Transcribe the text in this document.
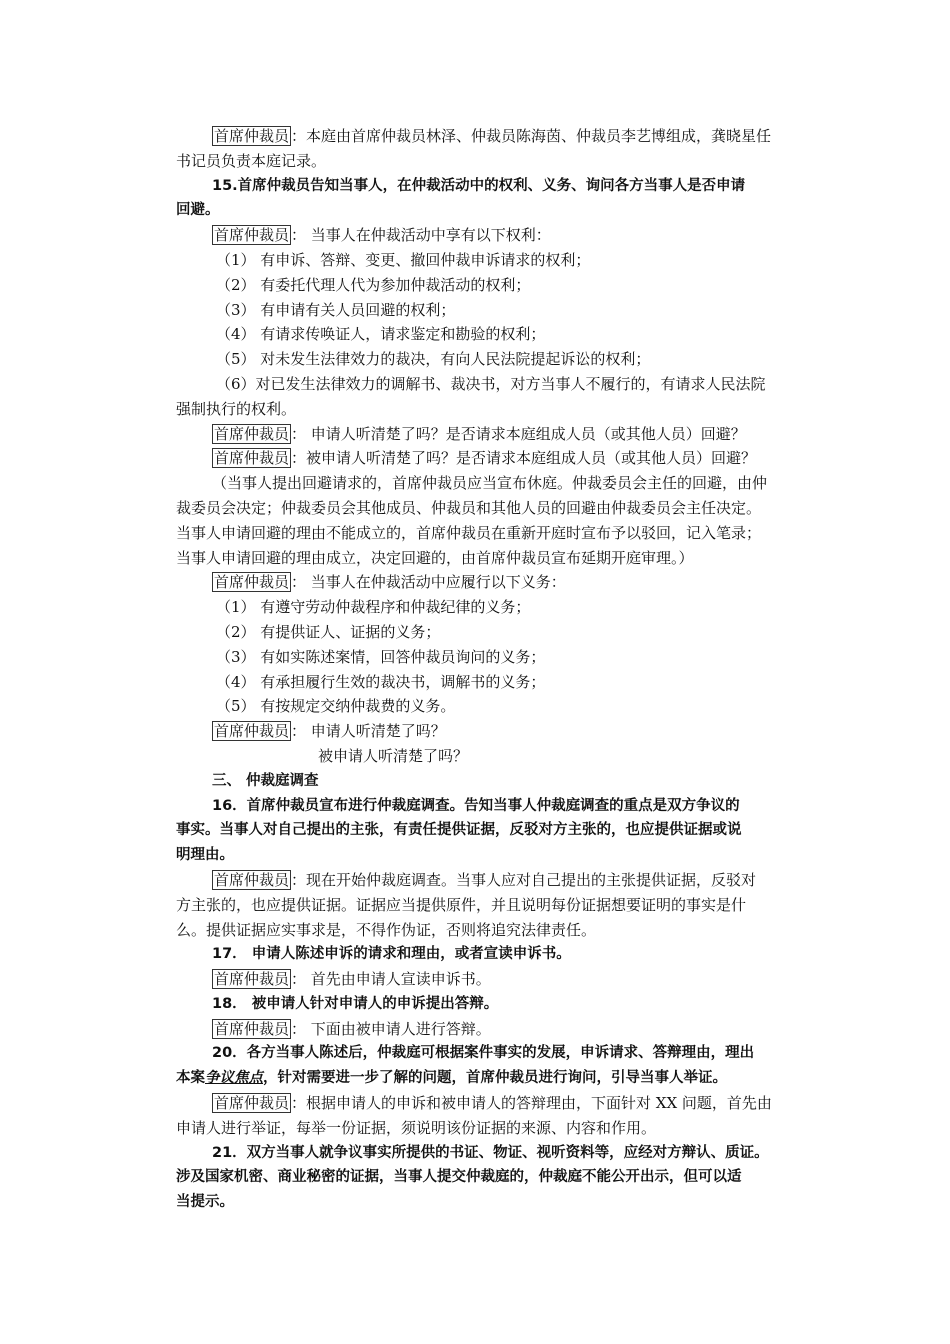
首席仲裁员 ：本庭由首席仲裁员林泽、仲裁员陈海茵、仲裁员李艺博组成，龚晓星任
书记员负责本庭记录。
15.首席仲裁员告知当事人，在仲裁活动中的权利、义务、询问各方当事人是否申请
回避。
首席仲裁员 ： 当事人在仲裁活动中享有以下权利：
（1） 有申诉、答辩、变更、撤回仲裁申诉请求的权利；
（2） 有委托代理人代为参加仲裁活动的权利；
（3） 有申请有关人员回避的权利；
（4） 有请求传唤证人，请求鉴定和勘验的权利；
（5） 对未发生法律效力的裁决，有向人民法院提起诉讼的权利；
（6）对已发生法律效力的调解书、裁决书，对方当事人不履行的，有请求人民法院
强制执行的权利。
首席仲裁员 ： 申请人听清楚了吗？是否请求本庭组成人员（或其他人员）回避？
首席仲裁员 ：被申请人听清楚了吗？是否请求本庭组成人员（或其他人员）回避？
（当事人提出回避请求的，首席仲裁员应当宣布休庭。仲裁委员会主任的回避，由仲
裁委员会决定；仲裁委员会其他成员、仲裁员和其他人员的回避由仲裁委员会主任决定。
当事人申请回避的理由不能成立的，首席仲裁员在重新开庭时宣布予以驳回，记入笔录；
当事人申请回避的理由成立，决定回避的，由首席仲裁员宣布延期开庭审理。）
首席仲裁员 ： 当事人在仲裁活动中应履行以下义务：
（1） 有遵守劳动仲裁程序和仲裁纪律的义务；
（2） 有提供证人、证据的义务；
（3） 有如实陈述案情，回答仲裁员询问的义务；
（4） 有承担履行生效的裁决书，调解书的义务；
（5） 有按规定交纳仲裁费的义务。
首席仲裁员 ： 申请人听清楚了吗？
被申请人听清楚了吗？
三、 仲裁庭调查
16．首席仲裁员宣布进行仲裁庭调查。告知当事人仲裁庭调查的重点是双方争议的
事实。当事人对自己提出的主张，有责任提供证据，反驳对方主张的，也应提供证据或说
明理由。
首席仲裁员 ：现在开始仲裁庭调查。当事人应对自己提出的主张提供证据，反驳对
方主张的，也应提供证据。证据应当提供原件，并且说明每份证据想要证明的事实是什
么。提供证据应实事求是，不得作伪证，否则将追究法律责任。
17． 申请人陈述申诉的请求和理由，或者宣读申诉书。
首席仲裁员 ： 首先由申请人宣读申诉书。
18． 被申请人针对申请人的申诉提出答辩。
首席仲裁员 ： 下面由被申请人进行答辩。
20．各方当事人陈述后，仲裁庭可根据案件事实的发展，申诉请求、答辩理由，理出
本案争议焦点，针对需要进一步了解的问题，首席仲裁员进行询问，引导当事人举证。
首席仲裁员 ：根据申请人的申诉和被申请人的答辩理由，下面针对 XX 问题，首先由
申请人进行举证，每举一份证据，须说明该份证据的来源、内容和作用。
21．双方当事人就争议事实所提供的书证、物证、视听资料等，应经对方辩认、质证。
涉及国家机密、商业秘密的证据，当事人提交仲裁庭的，仲裁庭不能公开出示，但可以适
当提示。
